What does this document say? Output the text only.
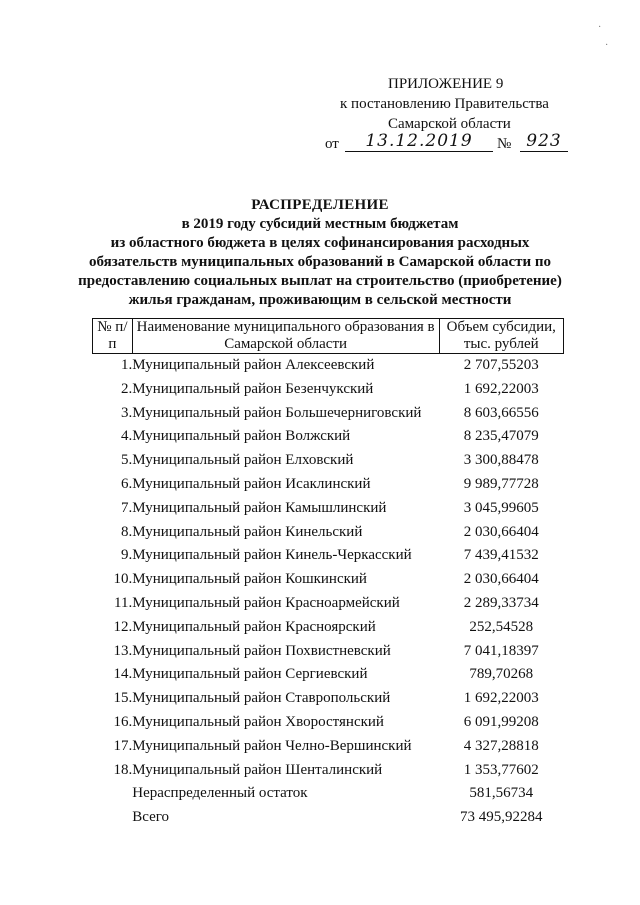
ПРИЛОЖЕНИЕ 9
к постановлению Правительства
Самарской области
от	13.12.2019	№ 923
РАСПРЕДЕЛЕНИЕ
в 2019 году субсидий местным бюджетам
из областного бюджета в целях софинансирования расходных
обязательств муниципальных образований в Самарской области по
предоставлению социальных выплат на строительство (приобретение)
жилья гражданам, проживающим в сельской местности
№ п/п	Наименование муниципального образования в Самарской области	Объем субсидии, тыс. рублей
1.	Муниципальный район Алексеевский	2 707,55203
2.	Муниципальный район Безенчукский	1 692,22003
3.	Муниципальный район Большечерниговский	8 603,66556
4.	Муниципальный район Волжский	8 235,47079
5.	Муниципальный район Елховский	3 300,88478
6.	Муниципальный район Исаклинский	9 989,77728
7.	Муниципальный район Камышлинский	3 045,99605
8.	Муниципальный район Кинельский	2 030,66404
9.	Муниципальный район Кинель-Черкасский	7 439,41532
10.	Муниципальный район Кошкинский	2 030,66404
11.	Муниципальный район Красноармейский	2 289,33734
12.	Муниципальный район Красноярский	252,54528
13.	Муниципальный район Похвистневский	7 041,18397
14.	Муниципальный район Сергиевский	789,70268
15.	Муниципальный район Ставропольский	1 692,22003
16.	Муниципальный район Хворостянский	6 091,99208
17.	Муниципальный район Челно-Вершинский	4 327,28818
18.	Муниципальный район Шенталинский	1 353,77602
	Нераспределенный остаток	581,56734
	Всего	73 495,92284
·
·
